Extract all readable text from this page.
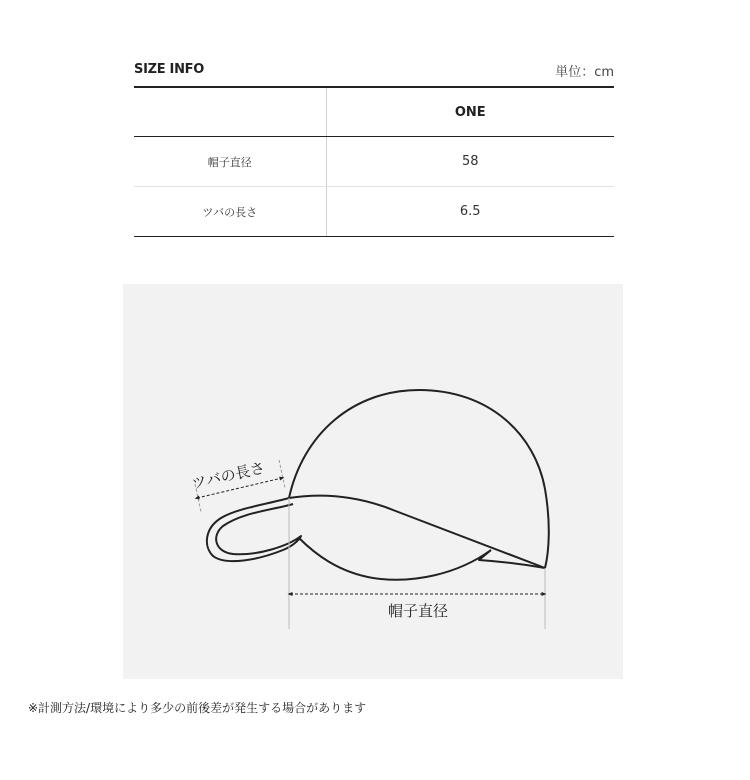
SIZE INFO	単位：cm
	ONE
帽子直径	58
ツバの長さ	6.5
ツバの長さ
帽子直径
※計測方法/環境により多少の前後差が発生する場合があります
